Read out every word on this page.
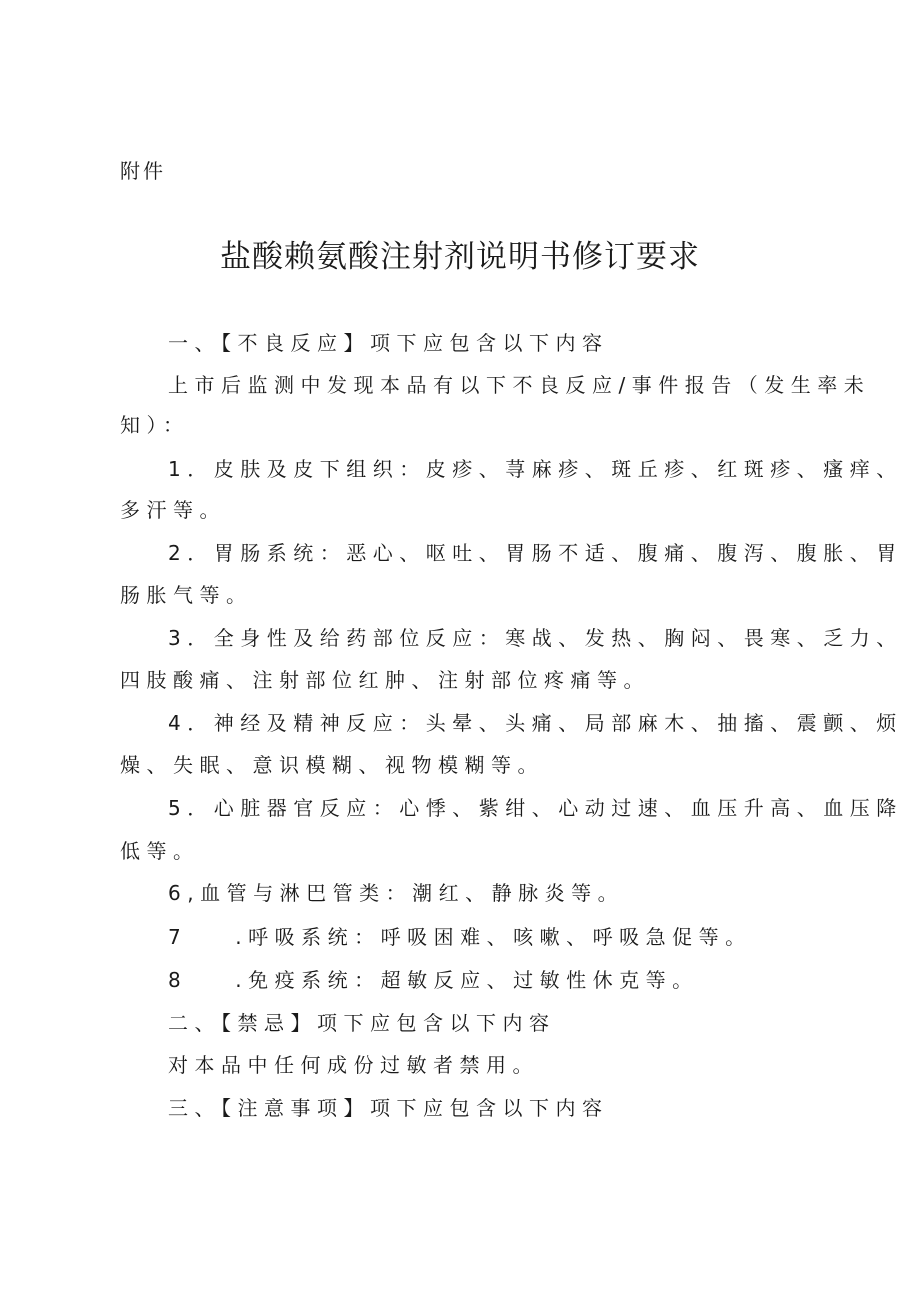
附件
盐酸赖氨酸注射剂说明书修订要求
一、【不良反应】项下应包含以下内容
上市后监测中发现本品有以下不良反应/事件报告（发生率未
知）：
1．皮肤及皮下组织：皮疹、荨麻疹、斑丘疹、红斑疹、瘙痒、
多汗等。
2．胃肠系统：恶心、呕吐、胃肠不适、腹痛、腹泻、腹胀、胃
肠胀气等。
3．全身性及给药部位反应：寒战、发热、胸闷、畏寒、乏力、
四肢酸痛、注射部位红肿、注射部位疼痛等。
4．神经及精神反应：头晕、头痛、局部麻木、抽搐、震颤、烦
燥、失眠、意识模糊、视物模糊等。
5．心脏器官反应：心悸、紫绀、心动过速、血压升高、血压降
低等。
6,血管与淋巴管类：潮红、静脉炎等。
7 .呼吸系统：呼吸困难、咳嗽、呼吸急促等。
8 .免疫系统：超敏反应、过敏性休克等。
二、【禁忌】项下应包含以下内容
对本品中任何成份过敏者禁用。
三、【注意事项】项下应包含以下内容
